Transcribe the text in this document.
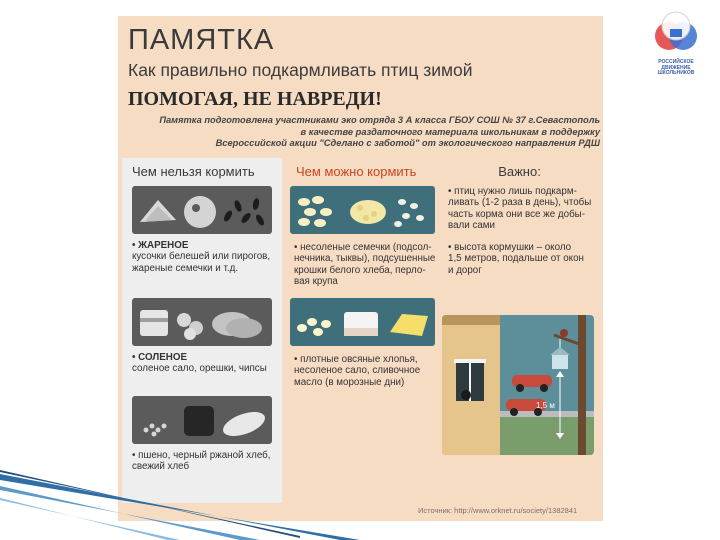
ПАМЯТКА
Как правильно подкармливать птиц зимой
ПОМОГАЯ, НЕ НАВРЕДИ!
Памятка подготовлена участниками эко отряда 3 А класса ГБОУ СОШ № 37 г.Севастополь
в качестве раздаточного материала школьникам в поддержку
Всероссийской акции "Сделано с заботой" от экологического направления РДШ
Чем нельзя кормить
• ЖАРЕНОЕ
кусочки белешей или пирогов,
жареные семечки и т.д.
• СОЛЕНОЕ
соленое сало, орешки, чипсы
• пшено, черный ржаной хлеб,
свежий хлеб
Чем можно кормить
• несоленые семечки (подсол-
нечника, тыквы), подсушенные
крошки белого хлеба, перло-
вая крупа
• плотные овсяные хлопья,
несоленое сало, сливочное
масло (в морозные дни)
Важно:
• птиц нужно лишь подкарм-
ливать (1-2 раза в день), чтобы
часть корма они все же добы-
вали сами
• высота кормушки – около
1,5 метров, подальше от окон
и дорог
1,5 м
Источник: http://www.orknet.ru/society/1382841
РОССИЙСКОЕ
ДВИЖЕНИЕ ШКОЛЬНИКОВ
